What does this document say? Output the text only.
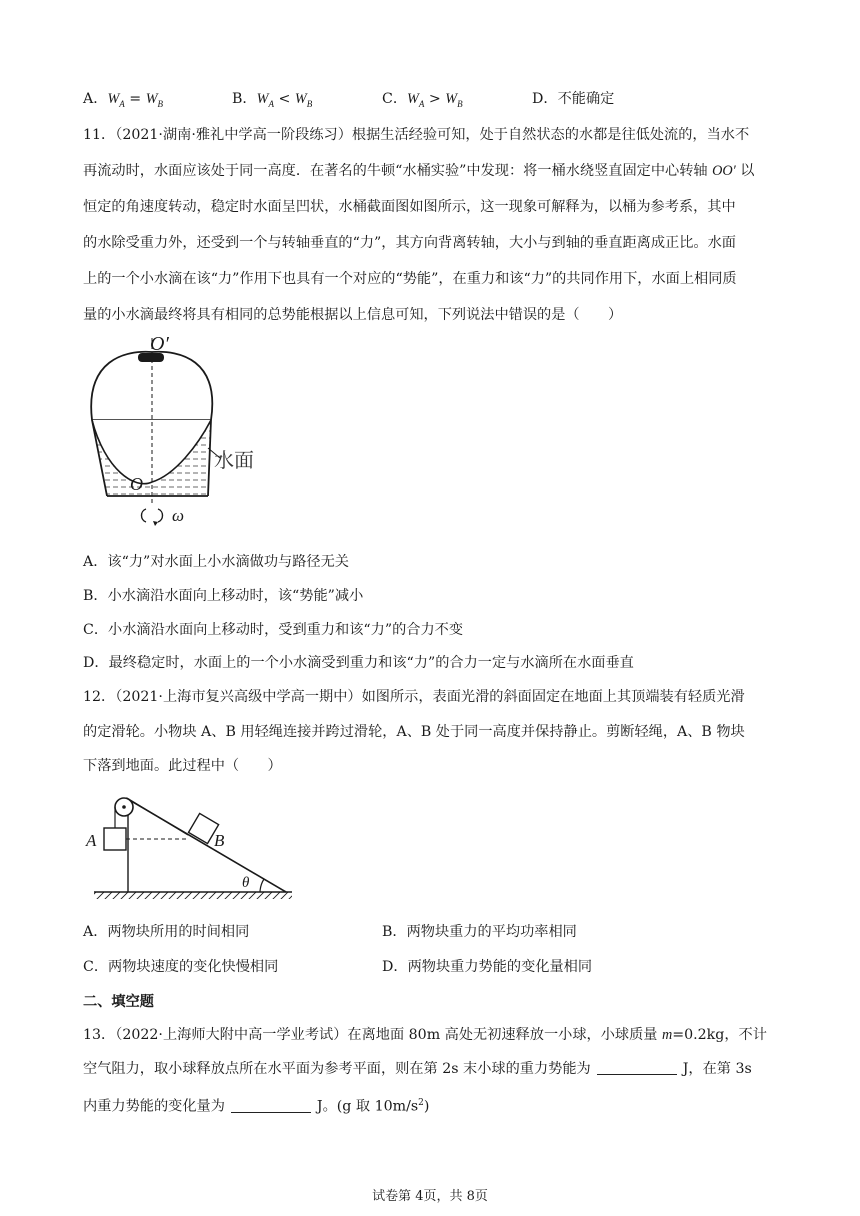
A．$W_A = W_B$	B．$W_A < W_B$	C．$W_A > W_B$	D．不能确定
11．（2021·湖南·雅礼中学高一阶段练习）根据生活经验可知，处于自然状态的水都是往低处流的，当水不
再流动时，水面应该处于同一高度．在著名的牛顿“水桶实验”中发现：将一桶水绕竖直固定中心转轴 OO′ 以
恒定的角速度转动，稳定时水面呈凹状，水桶截面图如图所示，这一现象可解释为，以桶为参考系，其中
的水除受重力外，还受到一个与转轴垂直的“力”，其方向背离转轴，大小与到轴的垂直距离成正比。水面
上的一个小水滴在该“力”作用下也具有一个对应的“势能”，在重力和该“力”的共同作用下，水面上相同质
量的小水滴最终将具有相同的总势能根据以上信息可知，下列说法中错误的是（　　）
O′
O
水面
ω
A．该“力”对水面上小水滴做功与路径无关
B．小水滴沿水面向上移动时，该“势能”减小
C．小水滴沿水面向上移动时，受到重力和该“力”的合力不变
D．最终稳定时，水面上的一个小水滴受到重力和该“力”的合力一定与水滴所在水面垂直
12．（2021·上海市复兴高级中学高一期中）如图所示，表面光滑的斜面固定在地面上其顶端装有轻质光滑
的定滑轮。小物块 A、B 用轻绳连接并跨过滑轮，A、B 处于同一高度并保持静止。剪断轻绳，A、B 物块
下落到地面。此过程中（　　）
A	B
θ
A．两物块所用的时间相同	B．两物块重力的平均功率相同
C．两物块速度的变化快慢相同	D．两物块重力势能的变化量相同
二、填空题
13．（2022·上海师大附中高一学业考试）在离地面 80m 高处无初速释放一小球，小球质量 m=0.2kg，不计
空气阻力，取小球释放点所在水平面为参考平面，则在第 2s 末小球的重力势能为	J，在第 3s
内重力势能的变化量为	J。(g 取 $10m/s^2$)
试卷第 4页，共 8页
